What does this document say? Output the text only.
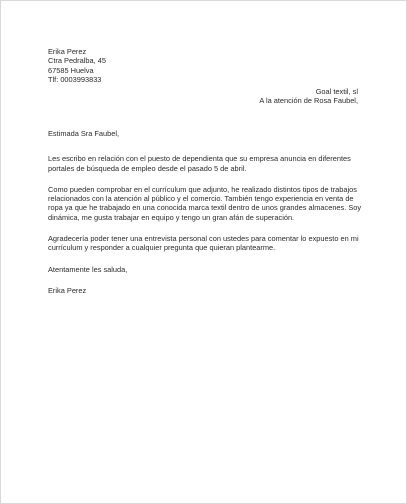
Erika Perez
Ctra Pedralba, 45
67585 Huelva
Tlf: 0003993833
Goal textil, sl
A la atención de Rosa Faubel,

Estimada Sra Faubel,

Les escribo en relación con el puesto de dependienta que su empresa anuncia en diferentes portales de búsqueda de empleo desde el pasado 5 de abril.

Como pueden comprobar en el currículum que adjunto, he realizado distintos tipos de trabajos relacionados con la atención al público y el comercio. También tengo experiencia en venta de ropa ya que he trabajado en una conocida marca textil dentro de unos grandes almacenes. Soy dinámica, me gusta trabajar en equipo y tengo un gran afán de superación.

Agradecería poder tener una entrevista personal con ustedes para comentar lo expuesto en mi currículum y responder a cualquier pregunta que quieran plantearme.

Atentamente les saluda,

Erika Perez
